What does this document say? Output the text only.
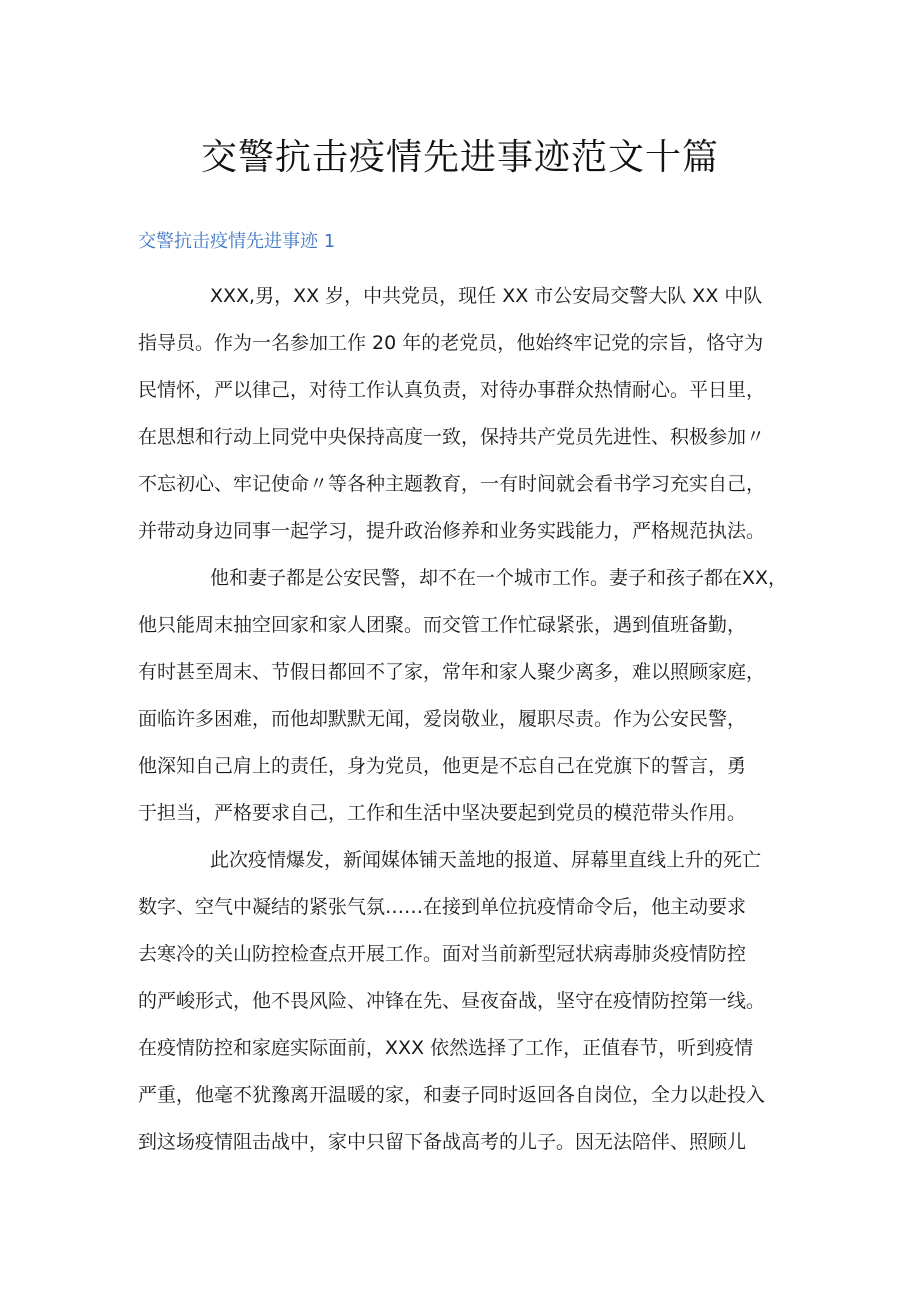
交警抗击疫情先进事迹范文十篇
交警抗击疫情先进事迹 1

XXX,男，XX 岁，中共党员，现任 XX 市公安局交警大队 XX 中队
指导员。作为一名参加工作 20 年的老党员，他始终牢记党的宗旨，恪守为
民情怀，严以律己，对待工作认真负责，对待办事群众热情耐心。平日里，
在思想和行动上同党中央保持高度一致，保持共产党员先进性、积极参加〃
不忘初心、牢记使命〃等各种主题教育，一有时间就会看书学习充实自己，
并带动身边同事一起学习，提升政治修养和业务实践能力，严格规范执法。

他和妻子都是公安民警，却不在一个城市工作。妻子和孩子都在XX，
他只能周末抽空回家和家人团聚。而交管工作忙碌紧张，遇到值班备勤，
有时甚至周末、节假日都回不了家，常年和家人聚少离多，难以照顾家庭，
面临许多困难，而他却默默无闻，爱岗敬业，履职尽责。作为公安民警，
他深知自己肩上的责任，身为党员，他更是不忘自己在党旗下的誓言，勇
于担当，严格要求自己，工作和生活中坚决要起到党员的模范带头作用。

此次疫情爆发，新闻媒体铺天盖地的报道、屏幕里直线上升的死亡
数字、空气中凝结的紧张气氛……在接到单位抗疫情命令后，他主动要求
去寒冷的关山防控检查点开展工作。面对当前新型冠状病毒肺炎疫情防控
的严峻形式，他不畏风险、冲锋在先、昼夜奋战，坚守在疫情防控第一线。
在疫情防控和家庭实际面前，XXX 依然选择了工作，正值春节，听到疫情
严重，他毫不犹豫离开温暖的家，和妻子同时返回各自岗位，全力以赴投入
到这场疫情阻击战中，家中只留下备战高考的儿子。因无法陪伴、照顾儿
